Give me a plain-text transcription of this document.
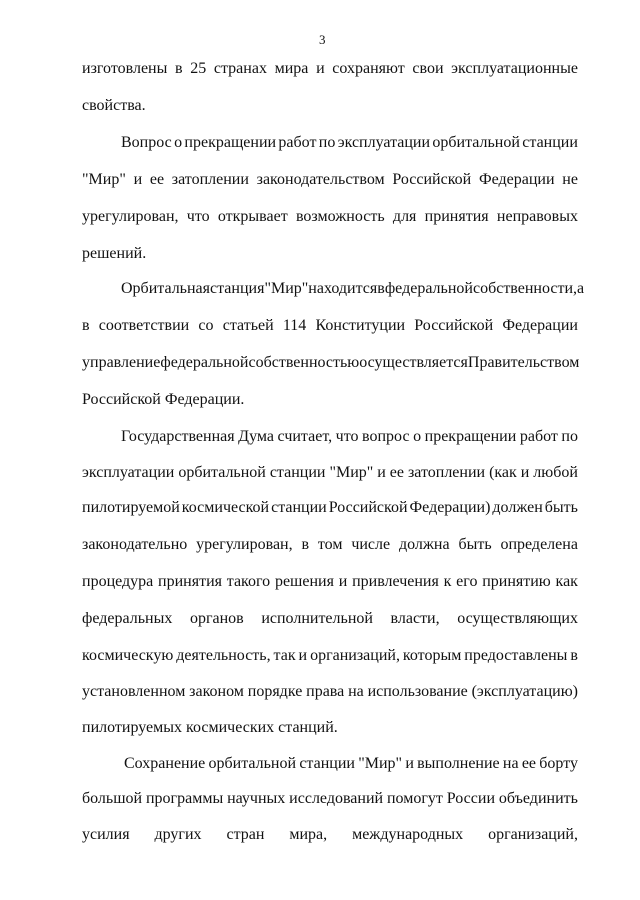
3
изготовлены в 25 странах мира и сохраняют свои эксплуатационные
свойства.
Вопрос о прекращении работ по эксплуатации орбитальной станции
"Мир" и ее затоплении законодательством Российской Федерации не
урегулирован, что открывает возможность для принятия неправовых
решений.
Орбитальная станция "Мир" находится в федеральной собственности, а
в соответствии со статьей 114 Конституции Российской Федерации
управление федеральной собственностью осуществляется Правительством
Российской Федерации.
Государственная Дума считает, что вопрос о прекращении работ по
эксплуатации орбитальной станции "Мир" и ее затоплении (как и любой
пилотируемой космической станции Российской Федерации) должен быть
законодательно урегулирован, в том числе должна быть определена
процедура принятия такого решения и привлечения к его принятию как
федеральных органов исполнительной власти, осуществляющих
космическую деятельность, так и организаций, которым предоставлены в
установленном законом порядке права на использование (эксплуатацию)
пилотируемых космических станций.
Сохранение орбитальной станции "Мир" и выполнение на ее борту
большой программы научных исследований помогут России объединить
усилия других стран мира, международных организаций,
